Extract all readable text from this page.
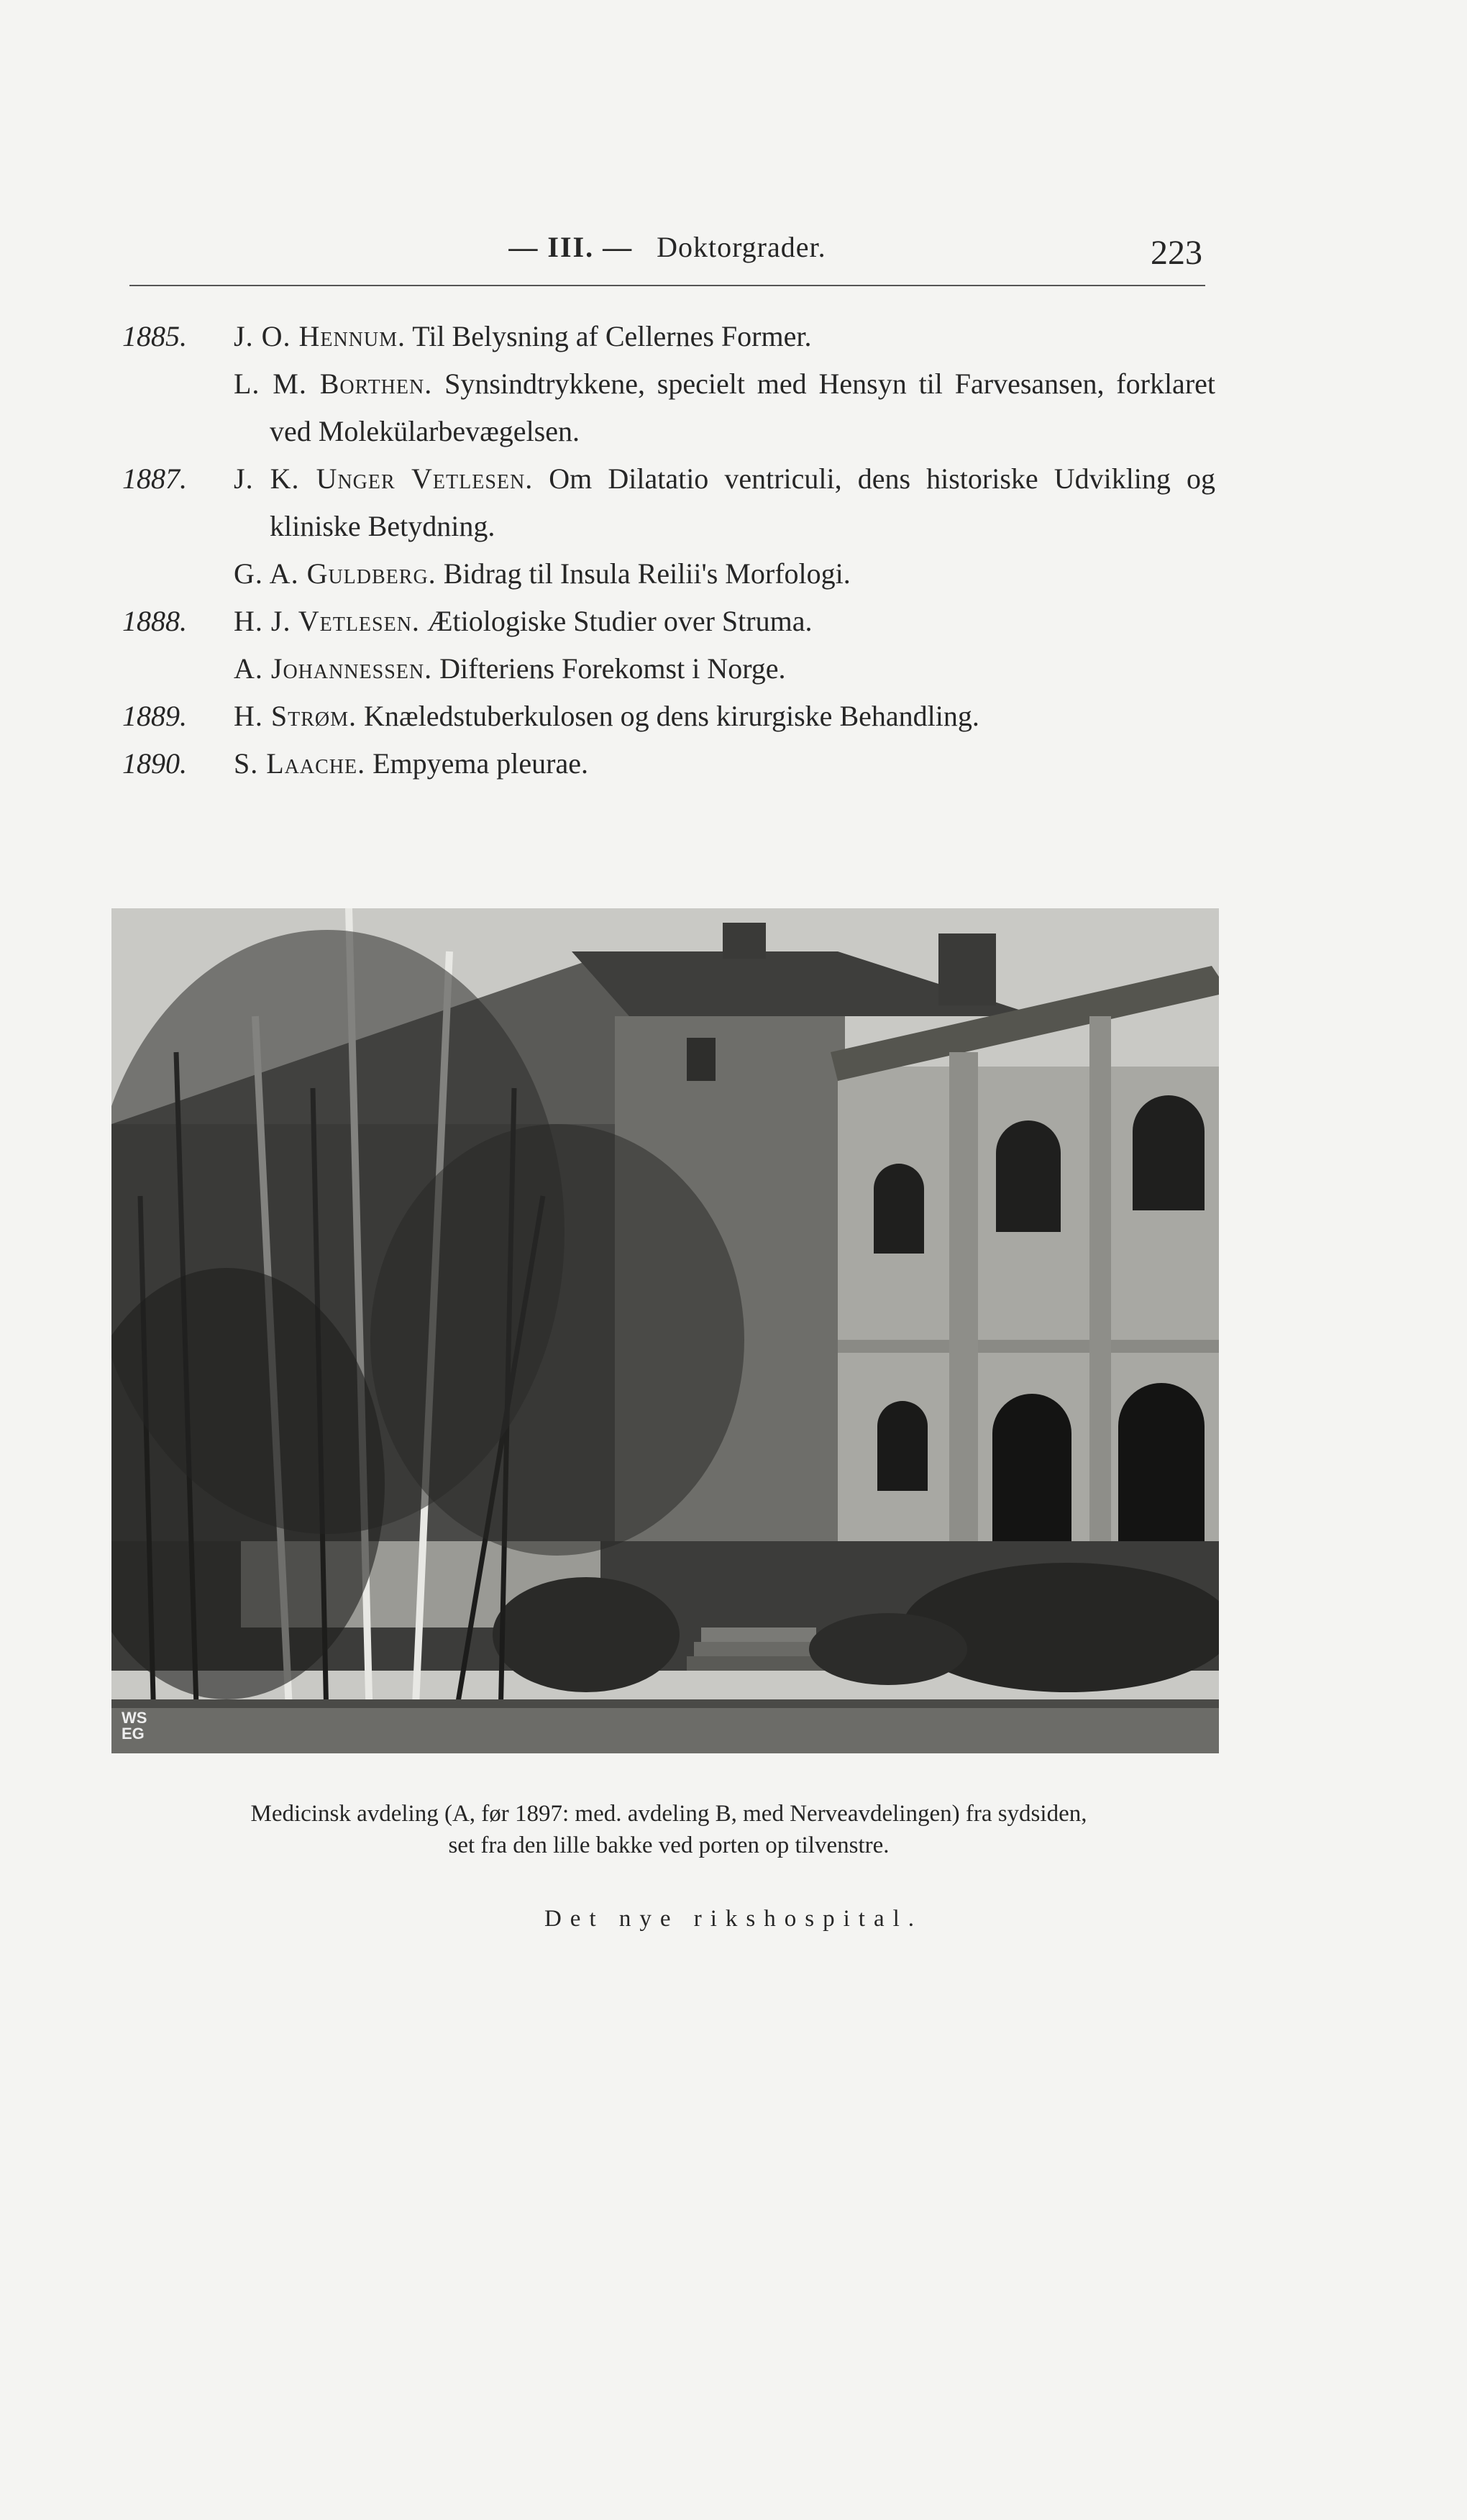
— III. — Doktorgrader.	223
1885. J. O. Hennum. Til Belysning af Cellernes Former.
L. M. Borthen. Synsindtrykkene, specielt med Hensyn til Farvesansen, forklaret ved Molekülarbevægelsen.
1887. J. K. Unger Vetlesen. Om Dilatatio ventriculi, dens historiske Udvikling og kliniske Betydning.
G. A. Guldberg. Bidrag til Insula Reilii's Morfologi.
1888. H. J. Vetlesen. Ætiologiske Studier over Struma.
A. Johannessen. Difteriens Forekomst i Norge.
1889. H. Strøm. Knæledstuberkulosen og dens kirurgiske Behandling.
1890. S. Laache. Empyema pleurae.
WS
EG
Medicinsk avdeling (A, før 1897: med. avdeling B, med Nerveavdelingen) fra sydsiden,
set fra den lille bakke ved porten op tilvenstre.
Det nye rikshospital.
